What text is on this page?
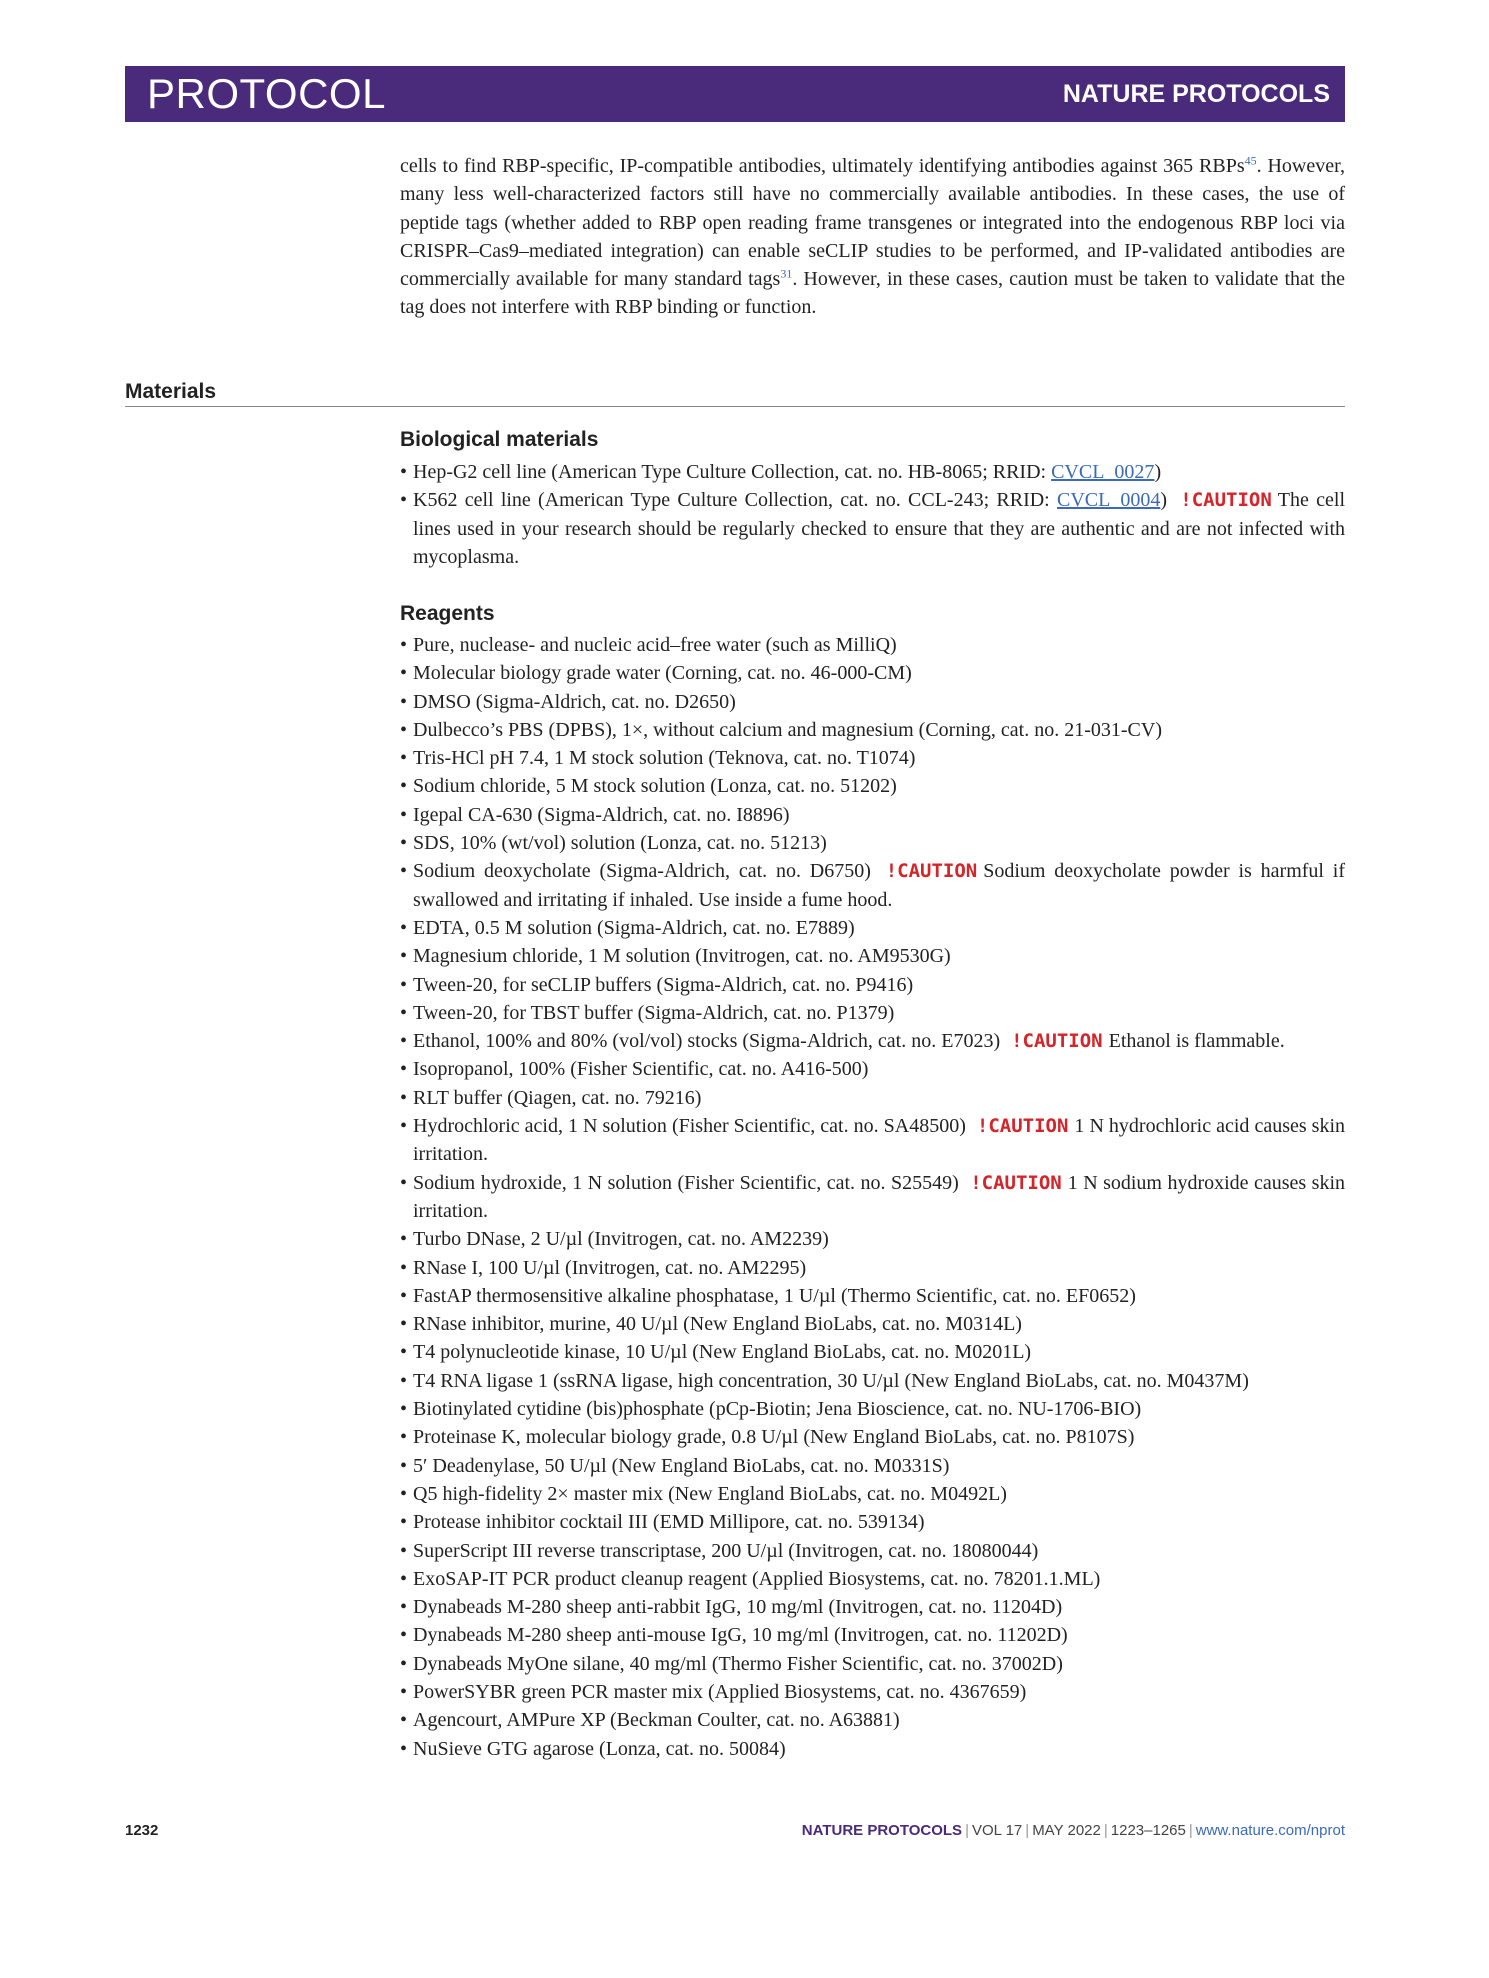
PROTOCOL	NATURE PROTOCOLS
cells to find RBP-specific, IP-compatible antibodies, ultimately identifying antibodies against 365 RBPs$^{45}$. However, many less well-characterized factors still have no commercially available antibodies. In these cases, the use of peptide tags (whether added to RBP open reading frame transgenes or integrated into the endogenous RBP loci via CRISPR–Cas9–mediated integration) can enable seCLIP studies to be performed, and IP-validated antibodies are commercially available for many standard tags$^{31}$. However, in these cases, caution must be taken to validate that the tag does not interfere with RBP binding or function.
Materials
Biological materials
• Hep-G2 cell line (American Type Culture Collection, cat. no. HB-8065; RRID: CVCL_0027)
• K562 cell line (American Type Culture Collection, cat. no. CCL-243; RRID: CVCL_0004) !CAUTION The cell lines used in your research should be regularly checked to ensure that they are authentic and are not infected with mycoplasma.
Reagents
• Pure, nuclease- and nucleic acid–free water (such as MilliQ)
• Molecular biology grade water (Corning, cat. no. 46-000-CM)
• DMSO (Sigma-Aldrich, cat. no. D2650)
• Dulbecco’s PBS (DPBS), 1×, without calcium and magnesium (Corning, cat. no. 21-031-CV)
• Tris-HCl pH 7.4, 1 M stock solution (Teknova, cat. no. T1074)
• Sodium chloride, 5 M stock solution (Lonza, cat. no. 51202)
• Igepal CA-630 (Sigma-Aldrich, cat. no. I8896)
• SDS, 10% (wt/vol) solution (Lonza, cat. no. 51213)
• Sodium deoxycholate (Sigma-Aldrich, cat. no. D6750) !CAUTION Sodium deoxycholate powder is harmful if swallowed and irritating if inhaled. Use inside a fume hood.
• EDTA, 0.5 M solution (Sigma-Aldrich, cat. no. E7889)
• Magnesium chloride, 1 M solution (Invitrogen, cat. no. AM9530G)
• Tween-20, for seCLIP buffers (Sigma-Aldrich, cat. no. P9416)
• Tween-20, for TBST buffer (Sigma-Aldrich, cat. no. P1379)
• Ethanol, 100% and 80% (vol/vol) stocks (Sigma-Aldrich, cat. no. E7023) !CAUTION Ethanol is flammable.
• Isopropanol, 100% (Fisher Scientific, cat. no. A416-500)
• RLT buffer (Qiagen, cat. no. 79216)
• Hydrochloric acid, 1 N solution (Fisher Scientific, cat. no. SA48500) !CAUTION 1 N hydrochloric acid causes skin irritation.
• Sodium hydroxide, 1 N solution (Fisher Scientific, cat. no. S25549) !CAUTION 1 N sodium hydroxide causes skin irritation.
• Turbo DNase, 2 U/µl (Invitrogen, cat. no. AM2239)
• RNase I, 100 U/µl (Invitrogen, cat. no. AM2295)
• FastAP thermosensitive alkaline phosphatase, 1 U/µl (Thermo Scientific, cat. no. EF0652)
• RNase inhibitor, murine, 40 U/µl (New England BioLabs, cat. no. M0314L)
• T4 polynucleotide kinase, 10 U/µl (New England BioLabs, cat. no. M0201L)
• T4 RNA ligase 1 (ssRNA ligase, high concentration, 30 U/µl (New England BioLabs, cat. no. M0437M)
• Biotinylated cytidine (bis)phosphate (pCp-Biotin; Jena Bioscience, cat. no. NU-1706-BIO)
• Proteinase K, molecular biology grade, 0.8 U/µl (New England BioLabs, cat. no. P8107S)
• 5′ Deadenylase, 50 U/µl (New England BioLabs, cat. no. M0331S)
• Q5 high-fidelity 2× master mix (New England BioLabs, cat. no. M0492L)
• Protease inhibitor cocktail III (EMD Millipore, cat. no. 539134)
• SuperScript III reverse transcriptase, 200 U/µl (Invitrogen, cat. no. 18080044)
• ExoSAP-IT PCR product cleanup reagent (Applied Biosystems, cat. no. 78201.1.ML)
• Dynabeads M-280 sheep anti-rabbit IgG, 10 mg/ml (Invitrogen, cat. no. 11204D)
• Dynabeads M-280 sheep anti-mouse IgG, 10 mg/ml (Invitrogen, cat. no. 11202D)
• Dynabeads MyOne silane, 40 mg/ml (Thermo Fisher Scientific, cat. no. 37002D)
• PowerSYBR green PCR master mix (Applied Biosystems, cat. no. 4367659)
• Agencourt, AMPure XP (Beckman Coulter, cat. no. A63881)
• NuSieve GTG agarose (Lonza, cat. no. 50084)
1232	NATURE PROTOCOLS | VOL 17 | MAY 2022 | 1223–1265 | www.nature.com/nprot
